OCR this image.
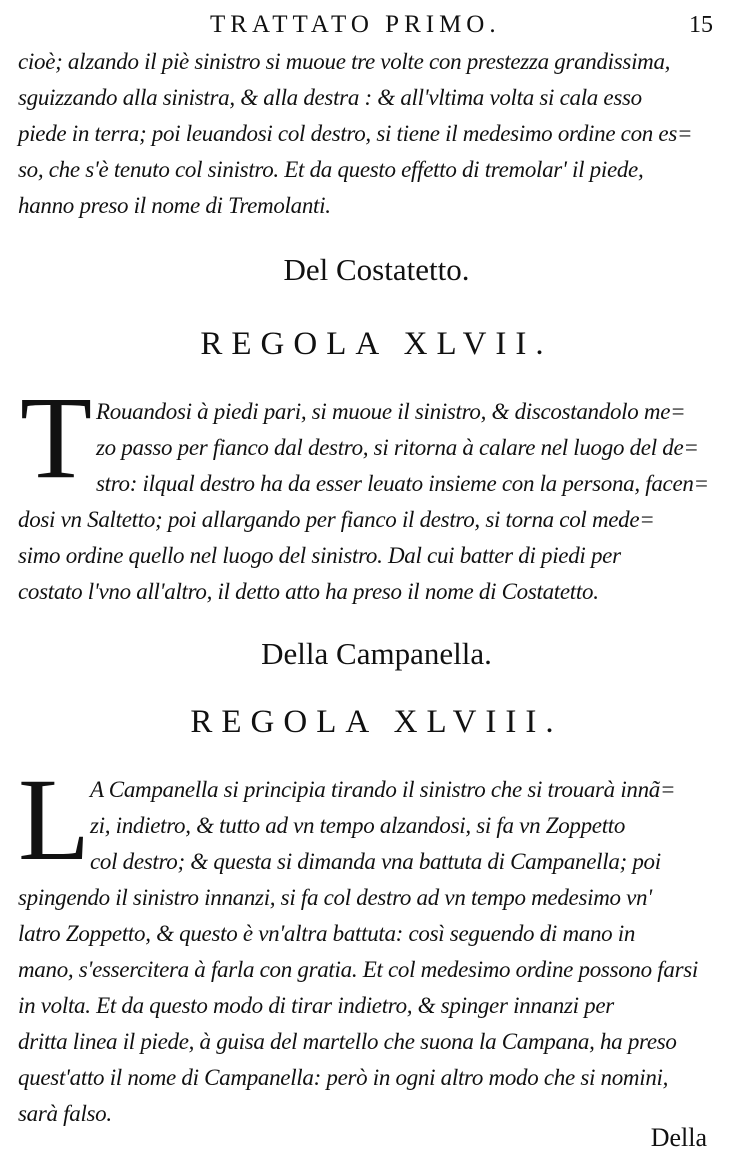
TRATTATO PRIMO.	15
cioè; alzando il piè sinistro si muoue tre volte con prestezza grandissima,
sguizzando alla sinistra, & alla destra : & all'vltima volta si cala esso
piede in terra; poi leuandosi col destro, si tiene il medesimo ordine con es=
so, che s'è tenuto col sinistro. Et da questo effetto di tremolar' il piede,
hanno preso il nome di Tremolanti.
Del Costatetto.
REGOLA XLVII.
T Rouandosi à piedi pari, si muoue il sinistro, & discostandolo me=
zo passo per fianco dal destro, si ritorna à calare nel luogo del de=
stro: ilqual destro ha da esser leuato insieme con la persona, facen=
dosi vn Saltetto; poi allargando per fianco il destro, si torna col mede=
simo ordine quello nel luogo del sinistro. Dal cui batter di piedi per
costato l'vno all'altro, il detto atto ha preso il nome di Costatetto.
Della Campanella.
REGOLA XLVIII.
L A Campanella si principia tirando il sinistro che si trouarà innã=
zi, indietro, & tutto ad vn tempo alzandosi, si fa vn Zoppetto
col destro; & questa si dimanda vna battuta di Campanella; poi
spingendo il sinistro innanzi, si fa col destro ad vn tempo medesimo vn'
latro Zoppetto, & questo è vn'altra battuta: così seguendo di mano in
mano, s'essercitera à farla con gratia. Et col medesimo ordine possono farsi
in volta. Et da questo modo di tirar indietro, & spinger innanzi per
dritta linea il piede, à guisa del martello che suona la Campana, ha preso
quest'atto il nome di Campanella: però in ogni altro modo che si nomini,
sarà falso.
Della
